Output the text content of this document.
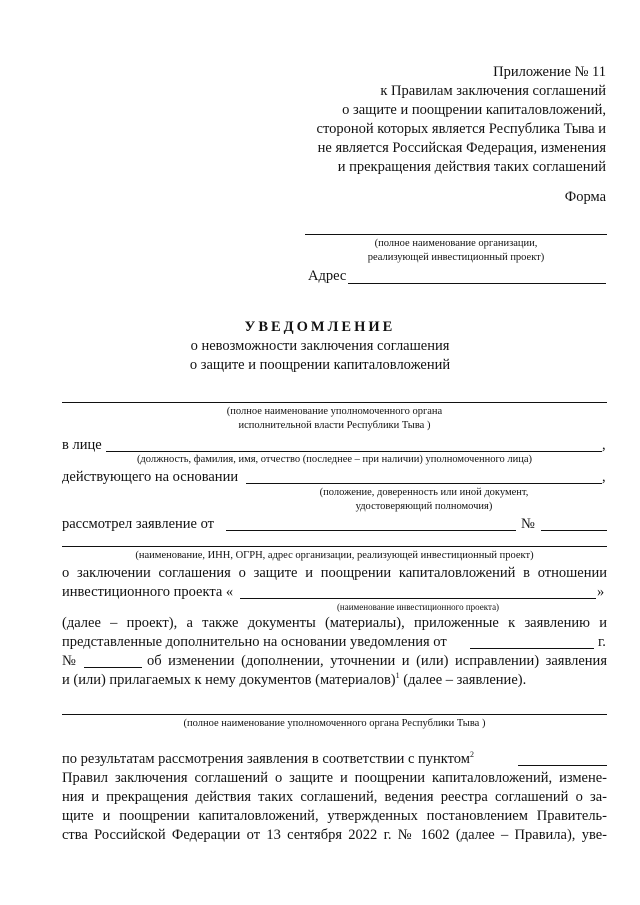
Приложение № 11
к Правилам заключения соглашений
о защите и поощрении капиталовложений,
стороной которых является Республика Тыва и
не является Российская Федерация, изменения
и прекращения действия таких соглашений
Форма
(полное наименование организации,
реализующей инвестиционный проект)
Адрес
УВЕДОМЛЕНИЕ
о невозможности заключения соглашения
о защите и поощрении капиталовложений
(полное наименование уполномоченного органа
исполнительной власти Республики Тыва )
в лице	,
(должность, фамилия, имя, отчество (последнее – при наличии) уполномоченного лица)
действующего на основании	,
(положение, доверенность или иной документ,
удостоверяющий полномочия)
рассмотрел заявление от	№
(наименование, ИНН, ОГРН, адрес организации, реализующей инвестиционный проект)
о заключении соглашения о защите и поощрении капиталовложений в отношении
инвестиционного проекта «	»
(наименование инвестиционного проекта)
(далее – проект), а также документы (материалы), приложенные к заявлению и
представленные дополнительно на основании уведомления от	г.
№	об изменении (дополнении, уточнении и (или) исправлении) заявления
и (или) прилагаемых к нему документов (материалов)$^1$ (далее – заявление).
(полное наименование уполномоченного органа Республики Тыва )
по результатам рассмотрения заявления в соответствии с пунктом$^2$
Правил заключения соглашений о защите и поощрении капиталовложений, измене-
ния и прекращения действия таких соглашений, ведения реестра соглашений о за-
щите и поощрении капиталовложений, утвержденных постановлением Правитель-
ства Российской Федерации от 13 сентября 2022 г. № 1602 (далее – Правила), уве-
